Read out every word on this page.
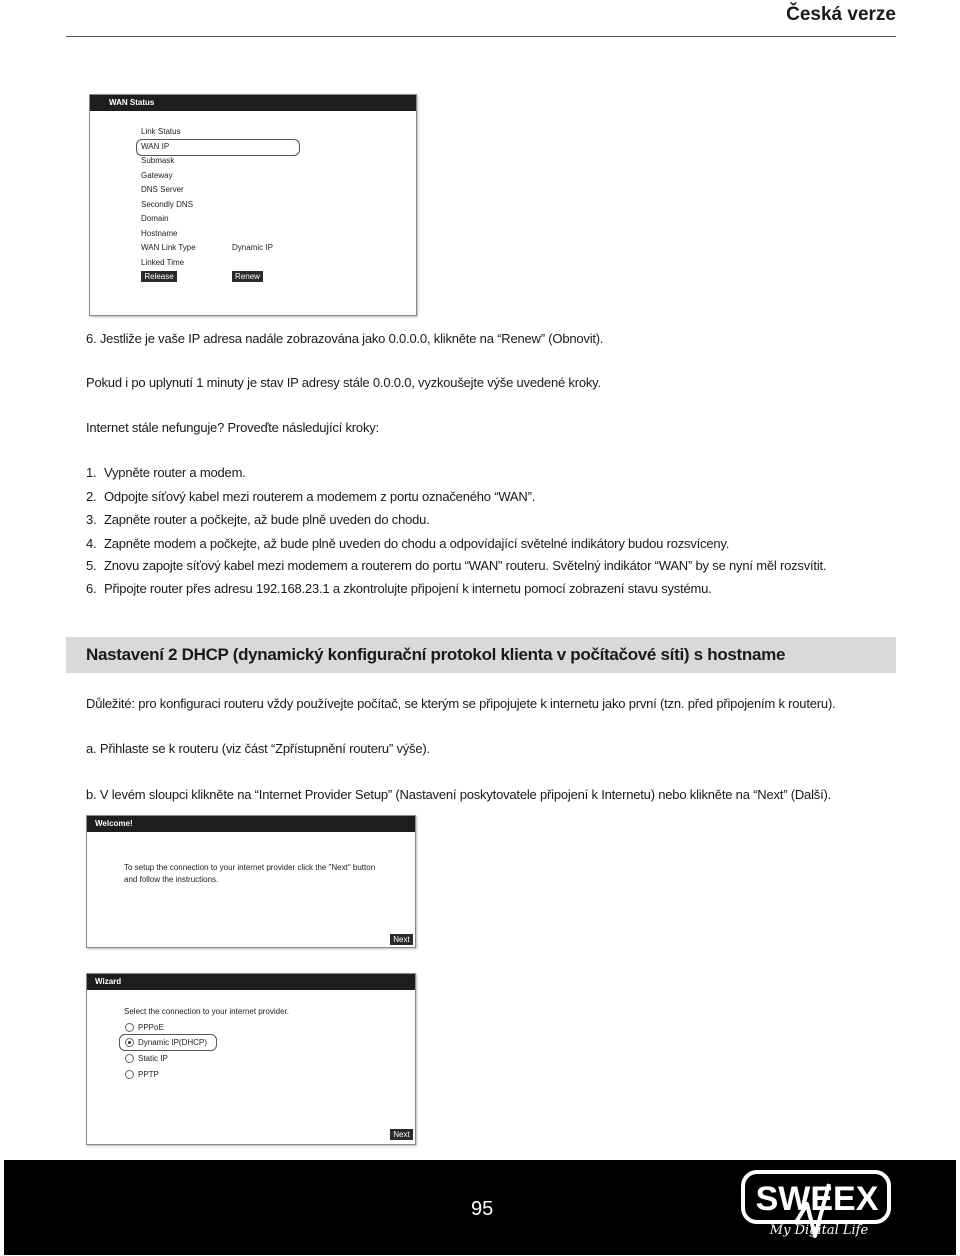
Česká verze
WAN Status
Link Status
WAN IP
Submask
Gateway
DNS Server
Secondly DNS
Domain
Hostname
WAN Link Type	Dynamic IP
Linked Time
Release	Renew
6. Jestliže je vaše IP adresa nadále zobrazována jako 0.0.0.0, klikněte na “Renew” (Obnovit).
Pokud i po uplynutí 1 minuty je stav IP adresy stále 0.0.0.0, vyzkoušejte výše uvedené kroky.
Internet stále nefunguje? Proveďte následující kroky:
1. Vypněte router a modem.
2. Odpojte síťový kabel mezi routerem a modemem z portu označeného “WAN”.
3. Zapněte router a počkejte, až bude plně uveden do chodu.
4. Zapněte modem a počkejte, až bude plně uveden do chodu a odpovídající světelné indikátory budou rozsvíceny.
5. Znovu zapojte síťový kabel mezi modemem a routerem do portu “WAN” routeru. Světelný indikátor “WAN” by se nyní měl rozsvítit.
6. Připojte router přes adresu 192.168.23.1 a zkontrolujte připojení k internetu pomocí zobrazení stavu systému.
Nastavení 2 DHCP (dynamický konfigurační protokol klienta v počítačové síti) s hostname
Důležité: pro konfiguraci routeru vždy používejte počítač, se kterým se připojujete k internetu jako první (tzn. před připojením k routeru).
a. Přihlaste se k routeru (viz část “Zpřístupnění routeru” výše).
b. V levém sloupci klikněte na “Internet Provider Setup” (Nastavení poskytovatele připojení k Internetu) nebo klikněte na “Next” (Další).
Welcome!
To setup the connection to your internet provider click the "Next" button
and follow the instructions.
Next
Wizard
Select the connection to your internet provider.
PPPoE
Dynamic IP(DHCP)
Static IP
PPTP
Next
95	SWEEX
My Digital Life
